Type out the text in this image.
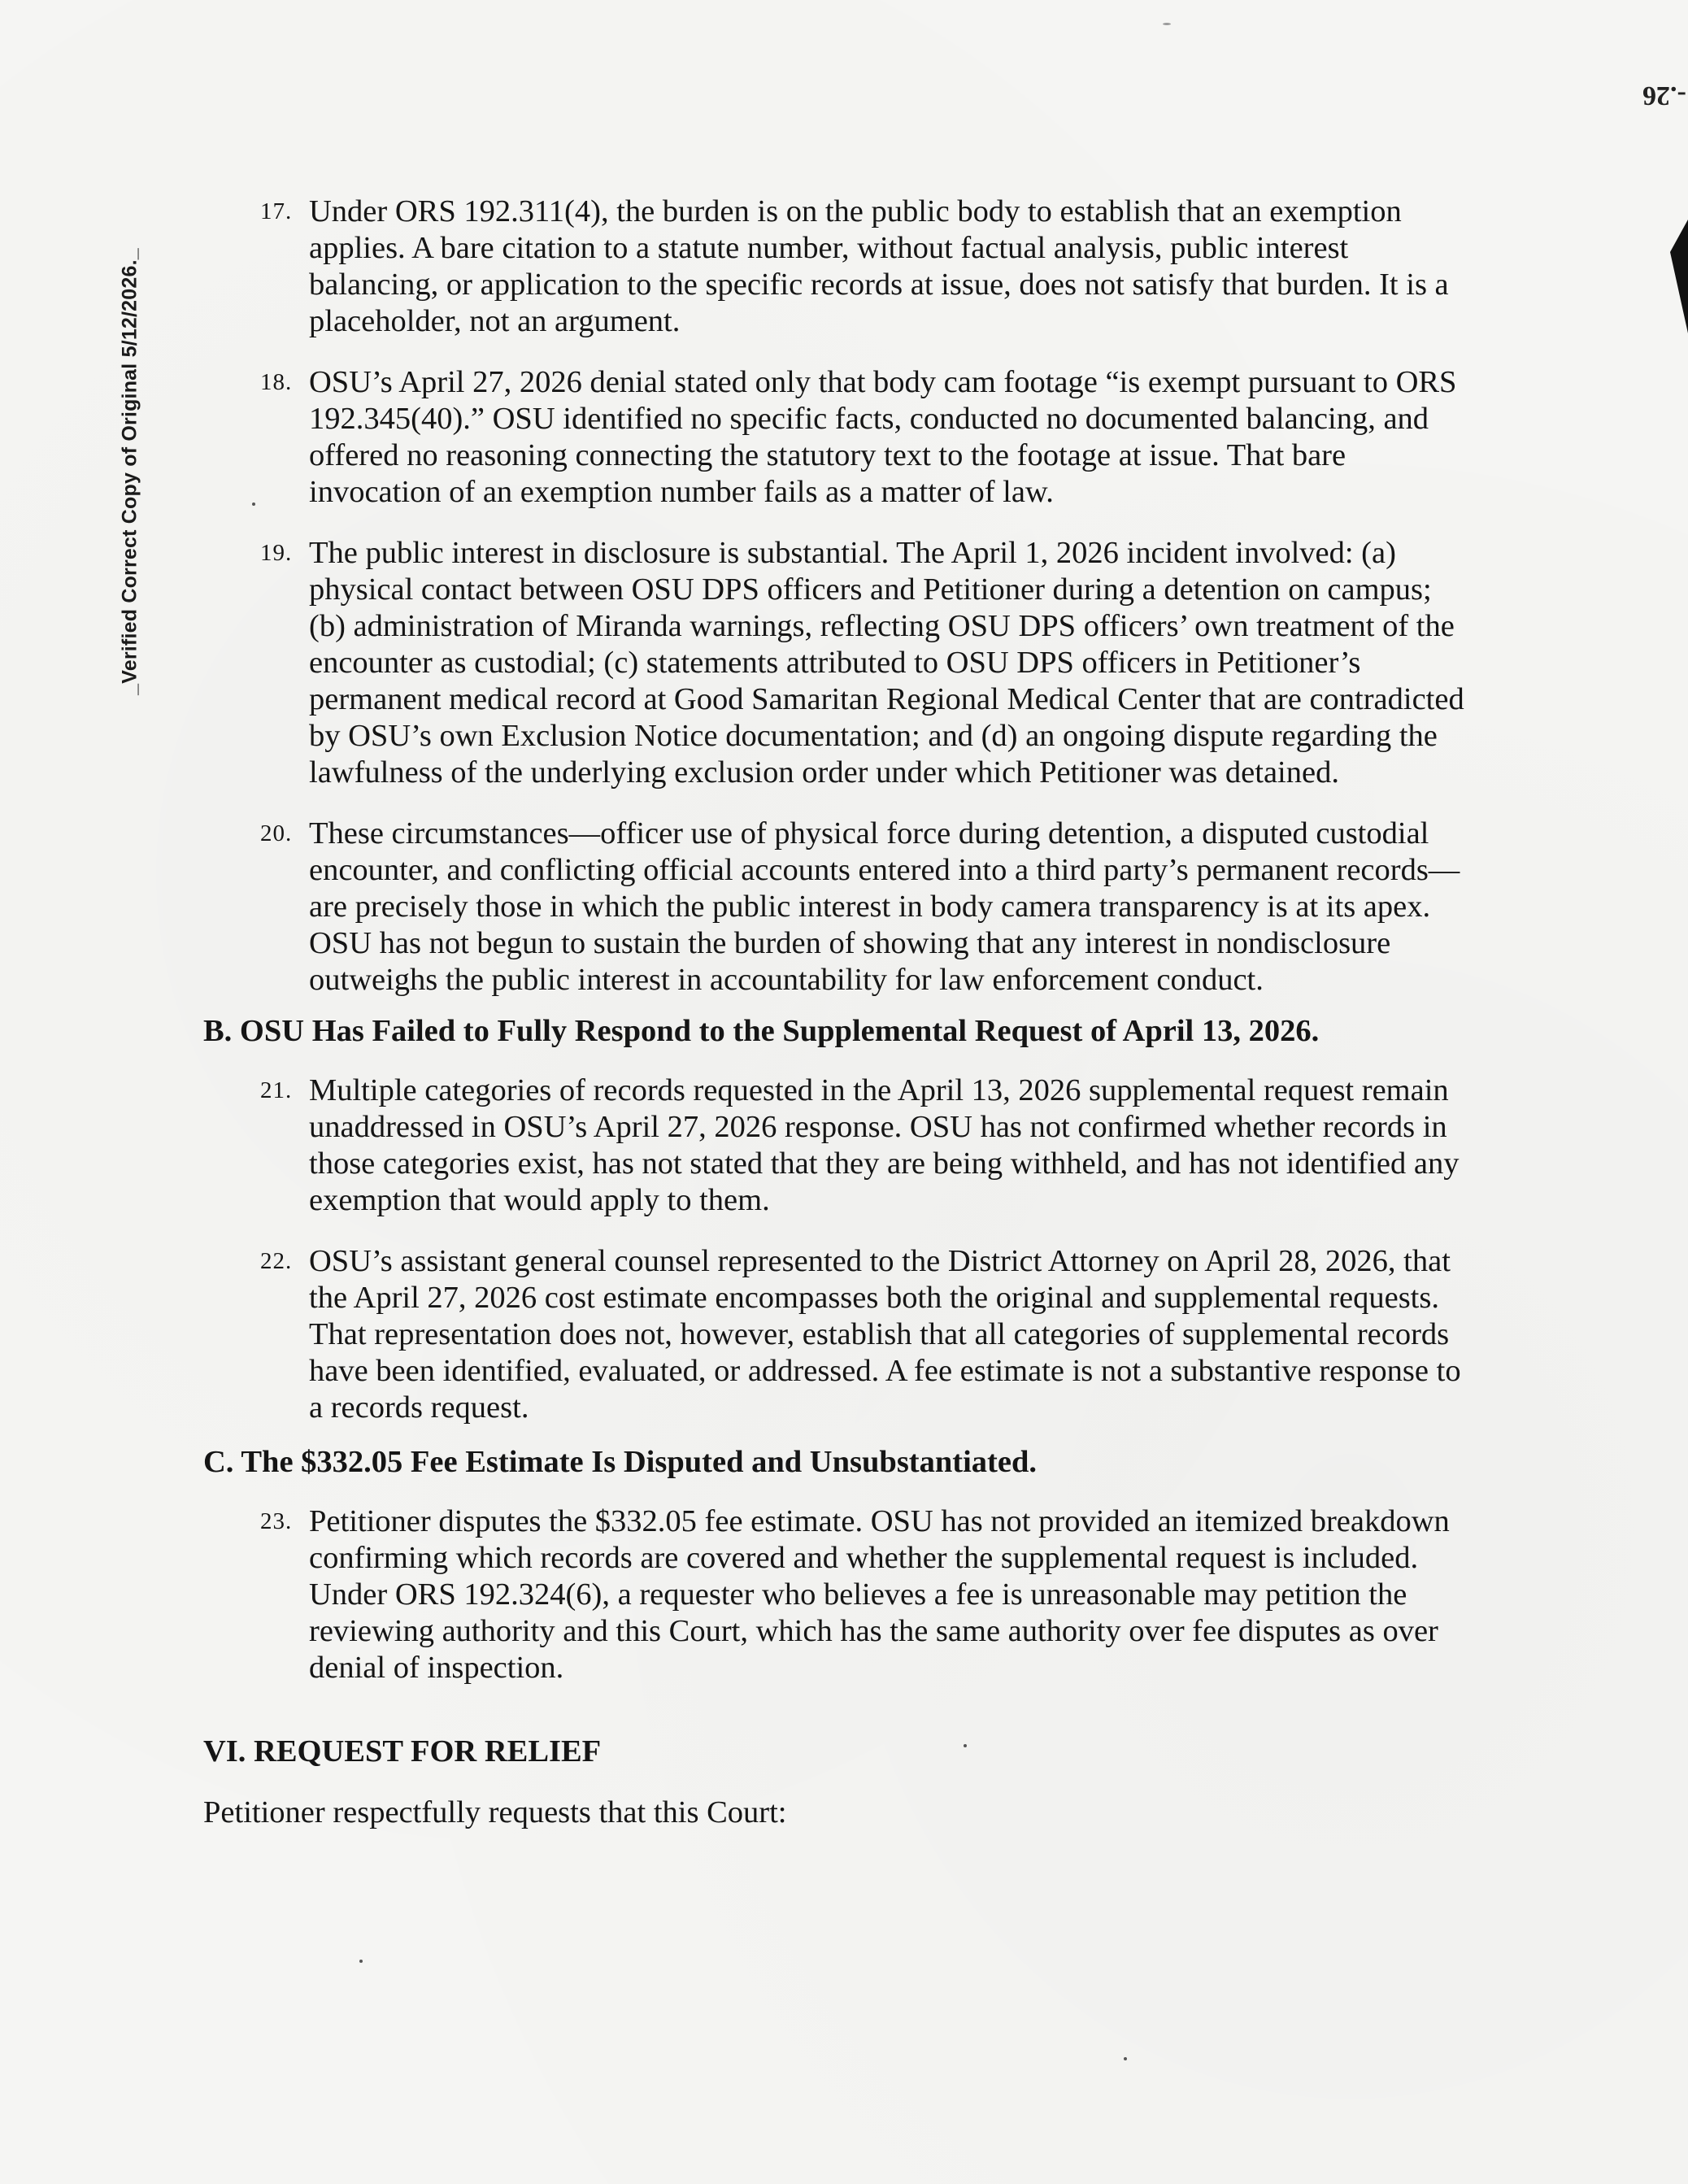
-.26
_Verified Correct Copy of Original 5/12/2026._
17. Under ORS 192.311(4), the burden is on the public body to establish that an exemption applies. A bare citation to a statute number, without factual analysis, public interest balancing, or application to the specific records at issue, does not satisfy that burden. It is a placeholder, not an argument.
18. OSU’s April 27, 2026 denial stated only that body cam footage “is exempt pursuant to ORS 192.345(40).” OSU identified no specific facts, conducted no documented balancing, and offered no reasoning connecting the statutory text to the footage at issue. That bare invocation of an exemption number fails as a matter of law.
19. The public interest in disclosure is substantial. The April 1, 2026 incident involved: (a) physical contact between OSU DPS officers and Petitioner during a detention on campus; (b) administration of Miranda warnings, reflecting OSU DPS officers’ own treatment of the encounter as custodial; (c) statements attributed to OSU DPS officers in Petitioner’s permanent medical record at Good Samaritan Regional Medical Center that are contradicted by OSU’s own Exclusion Notice documentation; and (d) an ongoing dispute regarding the lawfulness of the underlying exclusion order under which Petitioner was detained.
20. These circumstances—officer use of physical force during detention, a disputed custodial encounter, and conflicting official accounts entered into a third party’s permanent records—are precisely those in which the public interest in body camera transparency is at its apex. OSU has not begun to sustain the burden of showing that any interest in nondisclosure outweighs the public interest in accountability for law enforcement conduct.
B. OSU Has Failed to Fully Respond to the Supplemental Request of April 13, 2026.
21. Multiple categories of records requested in the April 13, 2026 supplemental request remain unaddressed in OSU’s April 27, 2026 response. OSU has not confirmed whether records in those categories exist, has not stated that they are being withheld, and has not identified any exemption that would apply to them.
22. OSU’s assistant general counsel represented to the District Attorney on April 28, 2026, that the April 27, 2026 cost estimate encompasses both the original and supplemental requests. That representation does not, however, establish that all categories of supplemental records have been identified, evaluated, or addressed. A fee estimate is not a substantive response to a records request.
C. The $332.05 Fee Estimate Is Disputed and Unsubstantiated.
23. Petitioner disputes the $332.05 fee estimate. OSU has not provided an itemized breakdown confirming which records are covered and whether the supplemental request is included. Under ORS 192.324(6), a requester who believes a fee is unreasonable may petition the reviewing authority and this Court, which has the same authority over fee disputes as over denial of inspection.
VI. REQUEST FOR RELIEF
Petitioner respectfully requests that this Court:
